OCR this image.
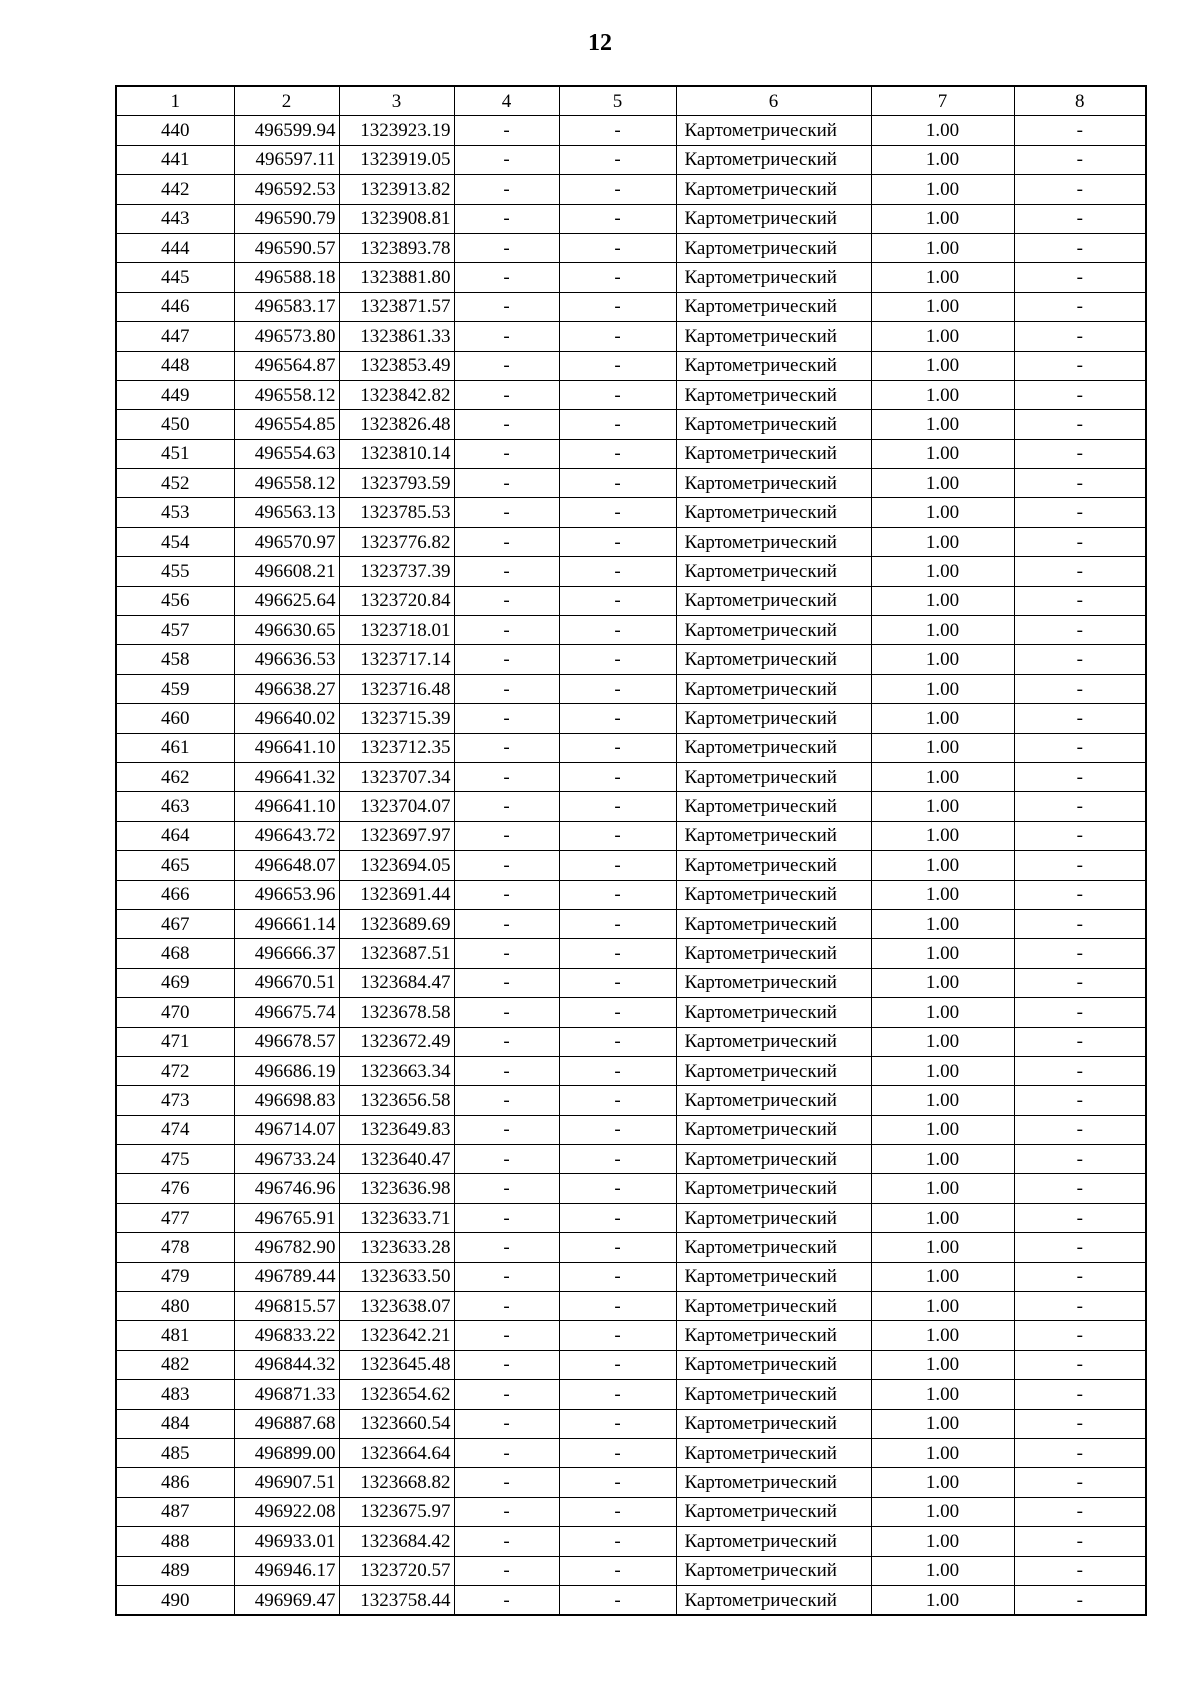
12
1	2	3	4	5	6	7	8
440	496599.94	1323923.19	-	-	Картометрический	1.00	-
441	496597.11	1323919.05	-	-	Картометрический	1.00	-
442	496592.53	1323913.82	-	-	Картометрический	1.00	-
443	496590.79	1323908.81	-	-	Картометрический	1.00	-
444	496590.57	1323893.78	-	-	Картометрический	1.00	-
445	496588.18	1323881.80	-	-	Картометрический	1.00	-
446	496583.17	1323871.57	-	-	Картометрический	1.00	-
447	496573.80	1323861.33	-	-	Картометрический	1.00	-
448	496564.87	1323853.49	-	-	Картометрический	1.00	-
449	496558.12	1323842.82	-	-	Картометрический	1.00	-
450	496554.85	1323826.48	-	-	Картометрический	1.00	-
451	496554.63	1323810.14	-	-	Картометрический	1.00	-
452	496558.12	1323793.59	-	-	Картометрический	1.00	-
453	496563.13	1323785.53	-	-	Картометрический	1.00	-
454	496570.97	1323776.82	-	-	Картометрический	1.00	-
455	496608.21	1323737.39	-	-	Картометрический	1.00	-
456	496625.64	1323720.84	-	-	Картометрический	1.00	-
457	496630.65	1323718.01	-	-	Картометрический	1.00	-
458	496636.53	1323717.14	-	-	Картометрический	1.00	-
459	496638.27	1323716.48	-	-	Картометрический	1.00	-
460	496640.02	1323715.39	-	-	Картометрический	1.00	-
461	496641.10	1323712.35	-	-	Картометрический	1.00	-
462	496641.32	1323707.34	-	-	Картометрический	1.00	-
463	496641.10	1323704.07	-	-	Картометрический	1.00	-
464	496643.72	1323697.97	-	-	Картометрический	1.00	-
465	496648.07	1323694.05	-	-	Картометрический	1.00	-
466	496653.96	1323691.44	-	-	Картометрический	1.00	-
467	496661.14	1323689.69	-	-	Картометрический	1.00	-
468	496666.37	1323687.51	-	-	Картометрический	1.00	-
469	496670.51	1323684.47	-	-	Картометрический	1.00	-
470	496675.74	1323678.58	-	-	Картометрический	1.00	-
471	496678.57	1323672.49	-	-	Картометрический	1.00	-
472	496686.19	1323663.34	-	-	Картометрический	1.00	-
473	496698.83	1323656.58	-	-	Картометрический	1.00	-
474	496714.07	1323649.83	-	-	Картометрический	1.00	-
475	496733.24	1323640.47	-	-	Картометрический	1.00	-
476	496746.96	1323636.98	-	-	Картометрический	1.00	-
477	496765.91	1323633.71	-	-	Картометрический	1.00	-
478	496782.90	1323633.28	-	-	Картометрический	1.00	-
479	496789.44	1323633.50	-	-	Картометрический	1.00	-
480	496815.57	1323638.07	-	-	Картометрический	1.00	-
481	496833.22	1323642.21	-	-	Картометрический	1.00	-
482	496844.32	1323645.48	-	-	Картометрический	1.00	-
483	496871.33	1323654.62	-	-	Картометрический	1.00	-
484	496887.68	1323660.54	-	-	Картометрический	1.00	-
485	496899.00	1323664.64	-	-	Картометрический	1.00	-
486	496907.51	1323668.82	-	-	Картометрический	1.00	-
487	496922.08	1323675.97	-	-	Картометрический	1.00	-
488	496933.01	1323684.42	-	-	Картометрический	1.00	-
489	496946.17	1323720.57	-	-	Картометрический	1.00	-
490	496969.47	1323758.44	-	-	Картометрический	1.00	-
